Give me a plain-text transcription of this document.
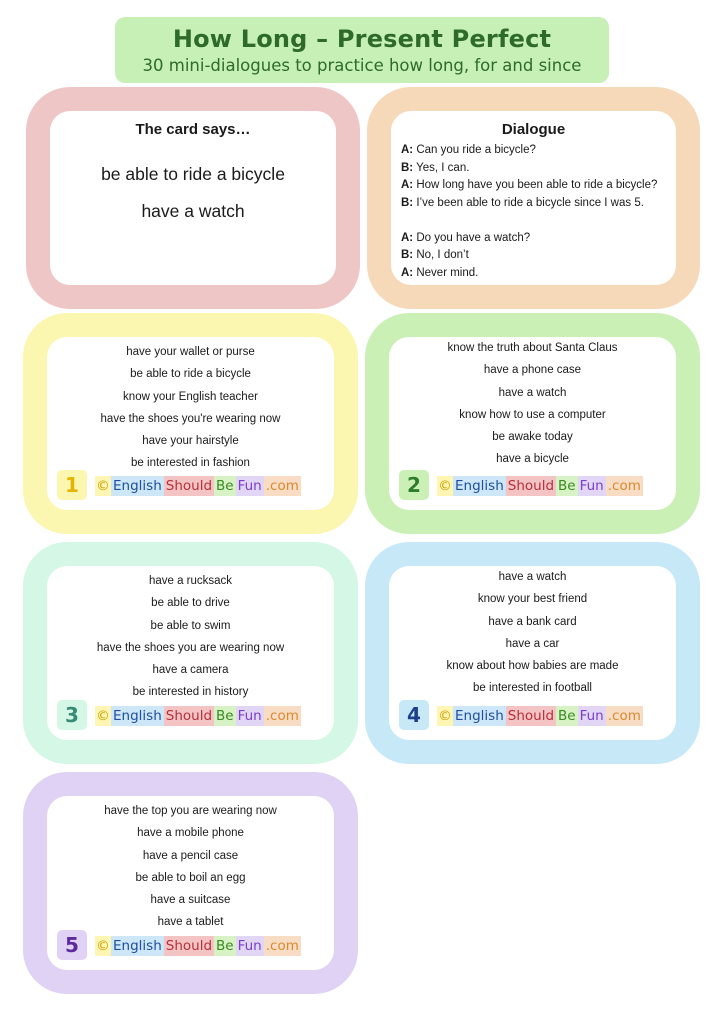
How Long – Present Perfect
30 mini-dialogues to practice how long, for and since
The card says…
be able to ride a bicycle
have a watch
Dialogue
A: Can you ride a bicycle?
B: Yes, I can.
A: How long have you been able to ride a bicycle?
B: I’ve been able to ride a bicycle since I was 5.
A: Do you have a watch?
B: No, I don’t
A: Never mind.
have your wallet or purse
be able to ride a bicycle
know your English teacher
have the shoes you're wearing now
have your hairstyle
be interested in fashion
1	© English Should Be Fun .com
know the truth about Santa Claus
have a phone case
have a watch
know how to use a computer
be awake today
have a bicycle
2	© English Should Be Fun .com
have a rucksack
be able to drive
be able to swim
have the shoes you are wearing now
have a camera
be interested in history
3	© English Should Be Fun .com
have a watch
know your best friend
have a bank card
have a car
know about how babies are made
be interested in football
4	© English Should Be Fun .com
have the top you are wearing now
have a mobile phone
have a pencil case
be able to boil an egg
have a suitcase
have a tablet
5	© English Should Be Fun .com
